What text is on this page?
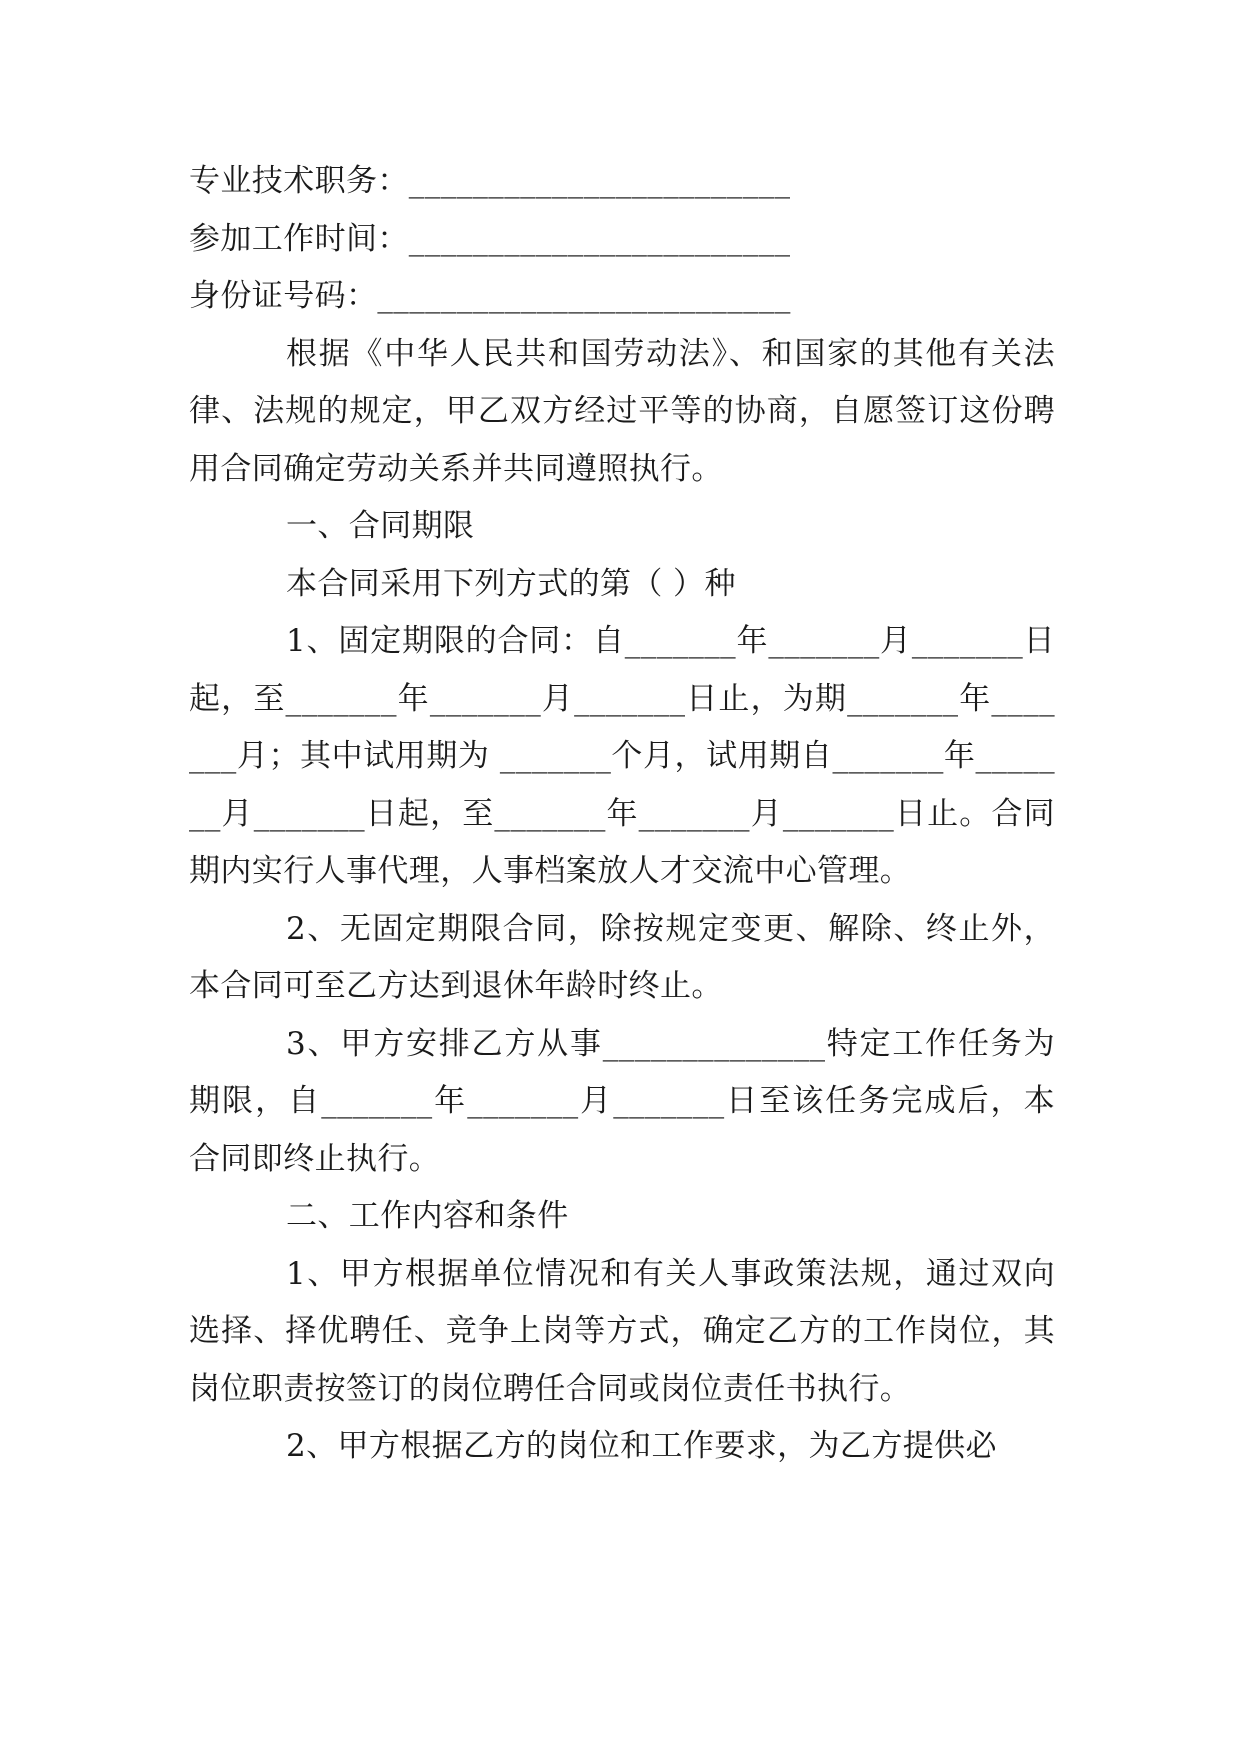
专业技术职务：________________________

参加工作时间：________________________

身份证号码：__________________________

根据《中华人民共和国劳动法》、和国家的其他有关法律、法规的规定，甲乙双方经过平等的协商，自愿签订这份聘用合同确定劳动关系并共同遵照执行。

一、合同期限

本合同采用下列方式的第（ ）种

1、固定期限的合同：自_______年_______月_______日起，至_______年_______月_______日止，为期_______年_______月；其中试用期为 _______个月，试用期自_______年_______月_______日起，至_______年_______月_______日止。合同期内实行人事代理，人事档案放人才交流中心管理。

2、无固定期限合同，除按规定变更、解除、终止外，本合同可至乙方达到退休年龄时终止。

3、甲方安排乙方从事______________特定工作任务为期限，自_______年_______月_______日至该任务完成后，本合同即终止执行。

二、工作内容和条件

1、甲方根据单位情况和有关人事政策法规，通过双向选择、择优聘任、竞争上岗等方式，确定乙方的工作岗位，其岗位职责按签订的岗位聘任合同或岗位责任书执行。

2、甲方根据乙方的岗位和工作要求，为乙方提供必
